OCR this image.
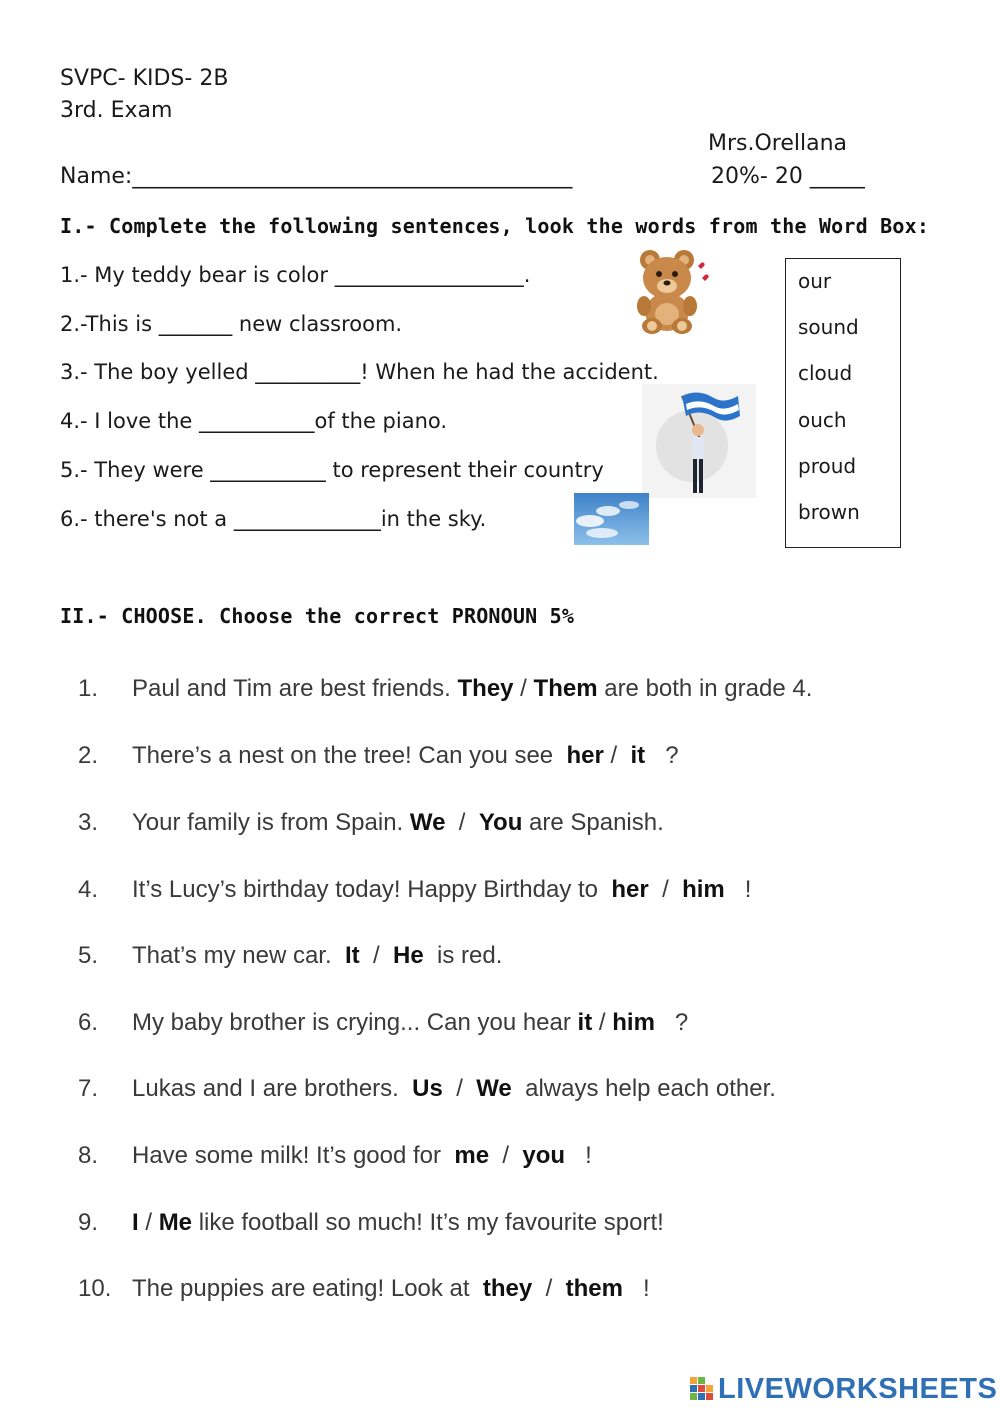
SVPC- KIDS- 2B
3rd. Exam
Mrs.Orellana
Name:________________________________________	20%- 20 _____
I.- Complete the following sentences, look the words from the Word Box:
1.- My teddy bear is color __________________.
2.-This is _______ new classroom.
3.- The boy yelled __________! When he had the accident.
4.- I love the ___________of the piano.
5.- They were ___________ to represent their country
6.- there's not a ______________in the sky.
our
sound
cloud
ouch
proud
brown
II.- CHOOSE. Choose the correct PRONOUN 5%
1. Paul and Tim are best friends. They / Them are both in grade 4.
2. There’s a nest on the tree! Can you see  her /  it   ?
3. Your family is from Spain. We  /  You are Spanish.
4. It’s Lucy’s birthday today! Happy Birthday to  her  /  him   !
5. That’s my new car.  It  /  He  is red.
6. My baby brother is crying... Can you hear it / him   ?
7. Lukas and I are brothers.  Us  /  We  always help each other.
8. Have some milk! It’s good for  me  /  you   !
9. I / Me like football so much! It’s my favourite sport!
10. The puppies are eating! Look at  they  /  them   !
LIVEWORKSHEETS
